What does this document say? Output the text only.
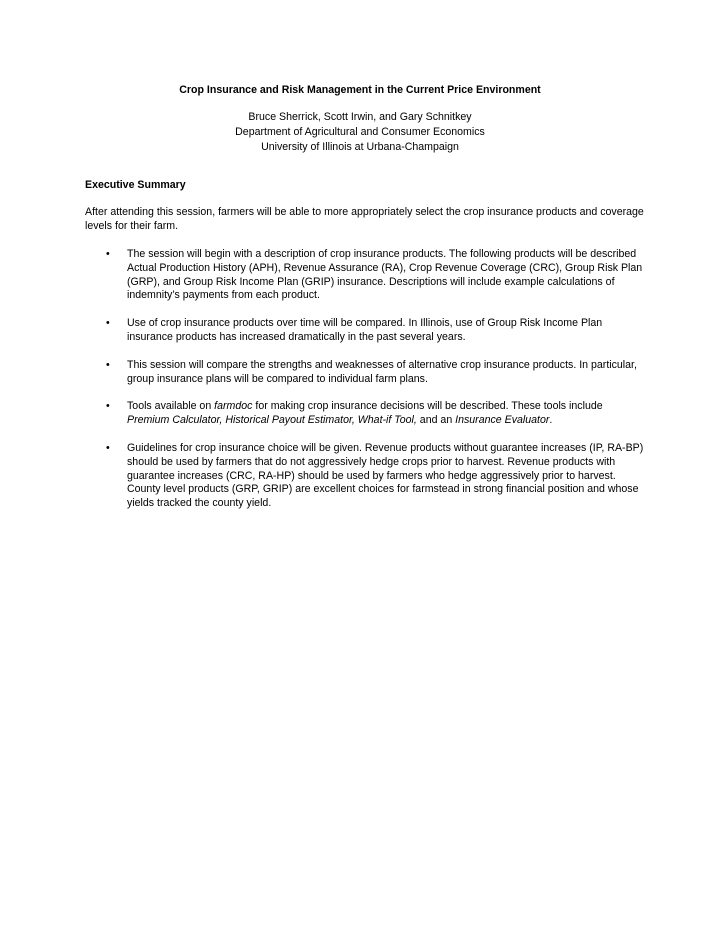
Crop Insurance and Risk Management in the Current Price Environment
Bruce Sherrick, Scott Irwin, and Gary Schnitkey
Department of Agricultural and Consumer Economics
University of Illinois at Urbana-Champaign
Executive Summary
After attending this session, farmers will be able to more appropriately select the crop insurance products and coverage levels for their farm.
• The session will begin with a description of crop insurance products. The following products will be described Actual Production History (APH), Revenue Assurance (RA), Crop Revenue Coverage (CRC), Group Risk Plan (GRP), and Group Risk Income Plan (GRIP) insurance. Descriptions will include example calculations of indemnity’s payments from each product.
• Use of crop insurance products over time will be compared. In Illinois, use of Group Risk Income Plan insurance products has increased dramatically in the past several years.
• This session will compare the strengths and weaknesses of alternative crop insurance products. In particular, group insurance plans will be compared to individual farm plans.
• Tools available on farmdoc for making crop insurance decisions will be described. These tools include Premium Calculator, Historical Payout Estimator, What-if Tool, and an Insurance Evaluator.
• Guidelines for crop insurance choice will be given. Revenue products without guarantee increases (IP, RA-BP) should be used by farmers that do not aggressively hedge crops prior to harvest. Revenue products with guarantee increases (CRC, RA-HP) should be used by farmers who hedge aggressively prior to harvest. County level products (GRP, GRIP) are excellent choices for farmstead in strong financial position and whose yields tracked the county yield.
